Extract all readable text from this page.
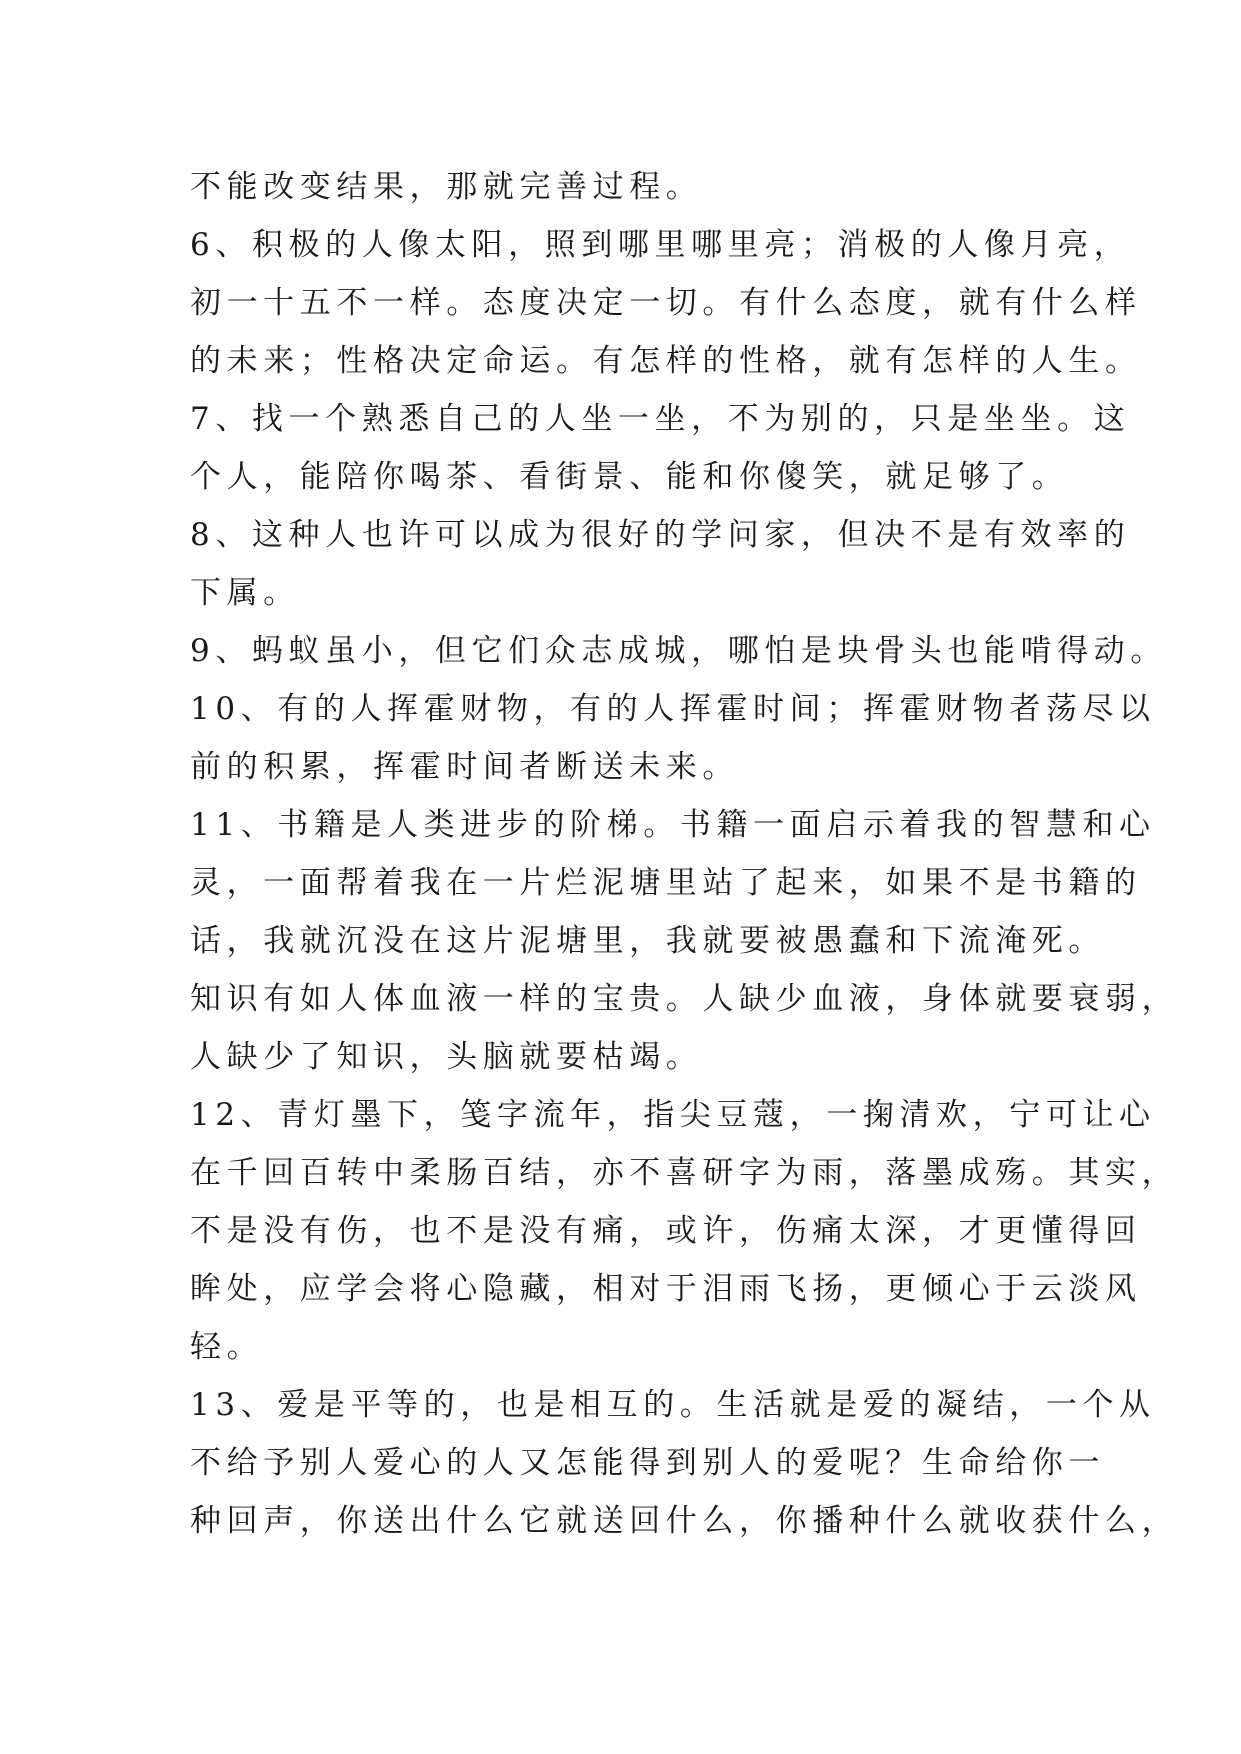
不能改变结果，那就完善过程。
6、积极的人像太阳，照到哪里哪里亮；消极的人像月亮，
初一十五不一样。态度决定一切。有什么态度，就有什么样
的未来；性格决定命运。有怎样的性格，就有怎样的人生。
7、找一个熟悉自己的人坐一坐，不为别的，只是坐坐。这
个人，能陪你喝茶、看街景、能和你傻笑，就足够了。
8、这种人也许可以成为很好的学问家，但决不是有效率的
下属。
9、蚂蚁虽小，但它们众志成城，哪怕是块骨头也能啃得动。
10、有的人挥霍财物，有的人挥霍时间；挥霍财物者荡尽以
前的积累，挥霍时间者断送未来。
11、书籍是人类进步的阶梯。书籍一面启示着我的智慧和心
灵，一面帮着我在一片烂泥塘里站了起来，如果不是书籍的
话，我就沉没在这片泥塘里，我就要被愚蠢和下流淹死。
知识有如人体血液一样的宝贵。人缺少血液，身体就要衰弱，
人缺少了知识，头脑就要枯竭。
12、青灯墨下，笺字流年，指尖豆蔻，一掬清欢，宁可让心
在千回百转中柔肠百结，亦不喜研字为雨，落墨成殇。其实，
不是没有伤，也不是没有痛，或许，伤痛太深，才更懂得回
眸处，应学会将心隐藏，相对于泪雨飞扬，更倾心于云淡风
轻。
13、爱是平等的，也是相互的。生活就是爱的凝结，一个从
不给予别人爱心的人又怎能得到别人的爱呢？生命给你一
种回声，你送出什么它就送回什么，你播种什么就收获什么，
